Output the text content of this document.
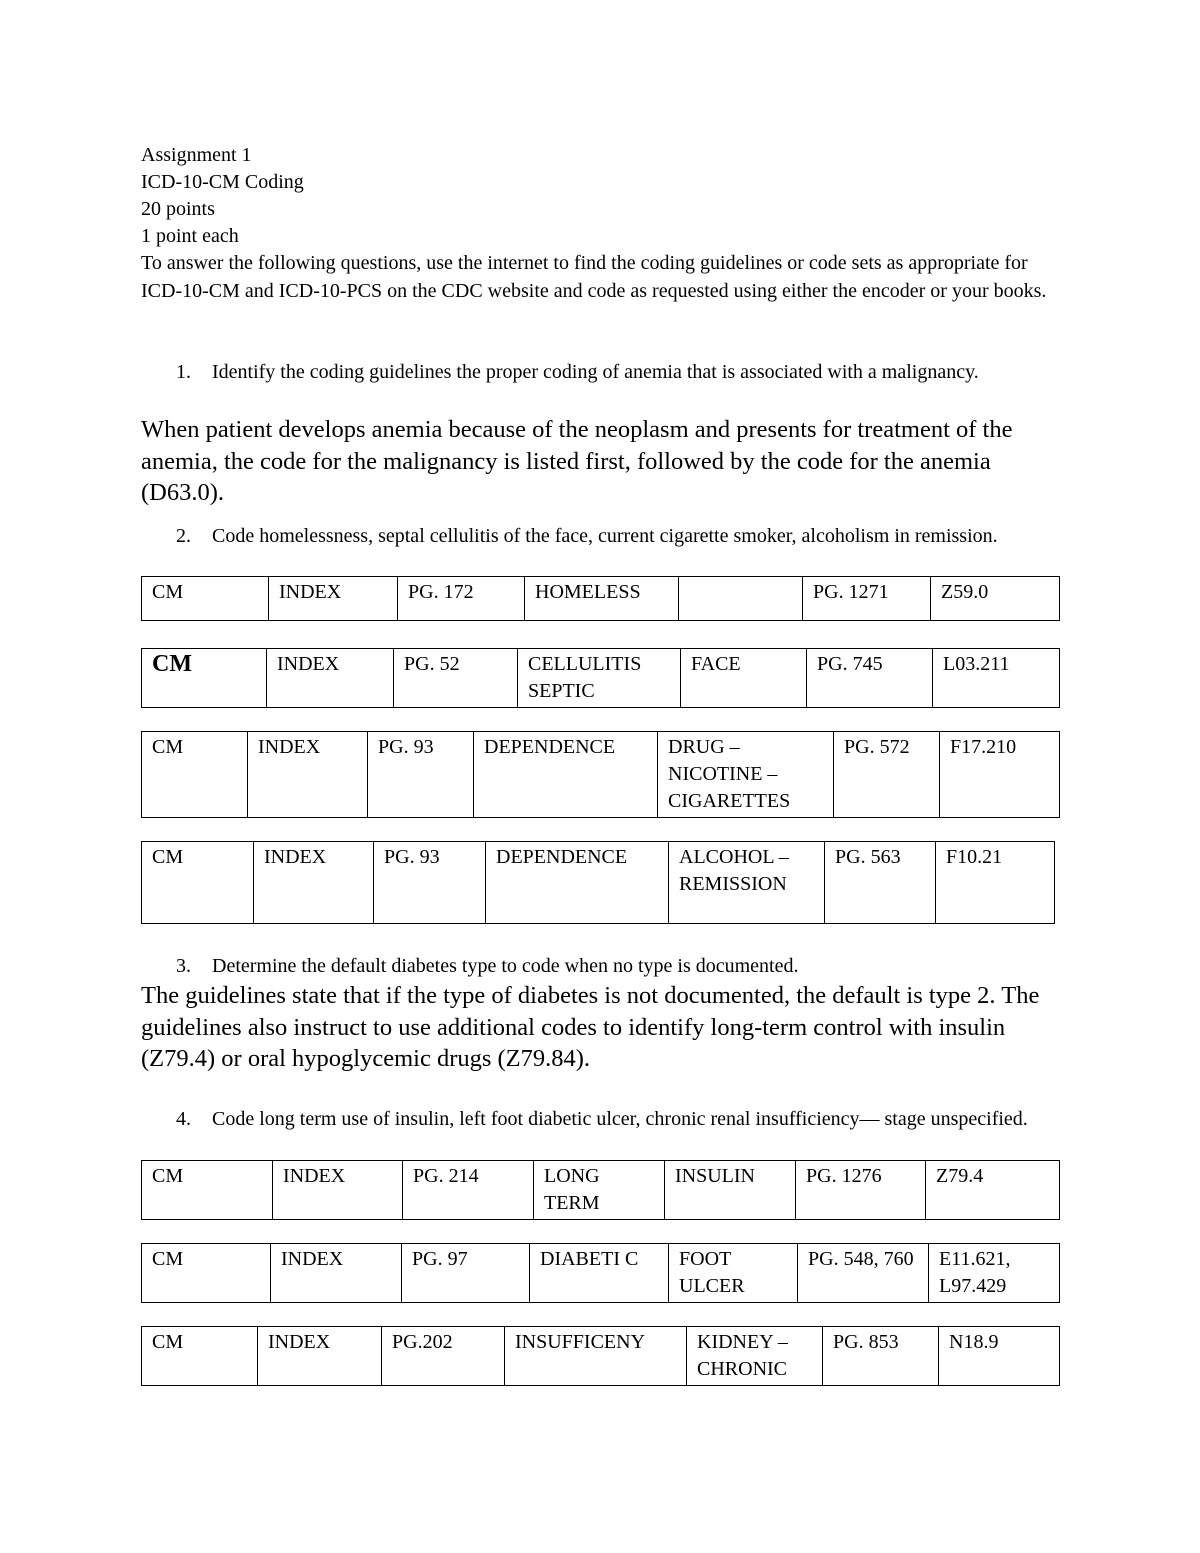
Assignment 1
ICD-10-CM Coding
20 points
1 point each
To answer the following questions, use the internet to find the coding guidelines or code sets as appropriate for ICD-10-CM and ICD-10-PCS on the CDC website and code as requested using either the encoder or your books.
1. Identify the coding guidelines the proper coding of anemia that is associated with a malignancy.
When patient develops anemia because of the neoplasm and presents for treatment of the anemia, the code for the malignancy is listed first, followed by the code for the anemia (D63.0).
2. Code homelessness, septal cellulitis of the face, current cigarette smoker, alcoholism in remission.
CM	INDEX	PG. 172	HOMELESS		PG. 1271	Z59.0
CM	INDEX	PG. 52	CELLULITIS SEPTIC	FACE	PG. 745	L03.211
CM	INDEX	PG. 93	DEPENDENCE	DRUG – NICOTINE – CIGARETTES	PG. 572	F17.210
CM	INDEX	PG. 93	DEPENDENCE	ALCOHOL – REMISSION	PG. 563	F10.21
3. Determine the default diabetes type to code when no type is documented.
The guidelines state that if the type of diabetes is not documented, the default is type 2. The guidelines also instruct to use additional codes to identify long-term control with insulin (Z79.4) or oral hypoglycemic drugs (Z79.84).
4. Code long term use of insulin, left foot diabetic ulcer, chronic renal insufficiency— stage unspecified.
CM	INDEX	PG. 214	LONG TERM	INSULIN	PG. 1276	Z79.4
CM	INDEX	PG. 97	DIABETI C	FOOT ULCER	PG. 548, 760	E11.621, L97.429
CM	INDEX	PG.202	INSUFFICENY	KIDNEY – CHRONIC	PG. 853	N18.9
